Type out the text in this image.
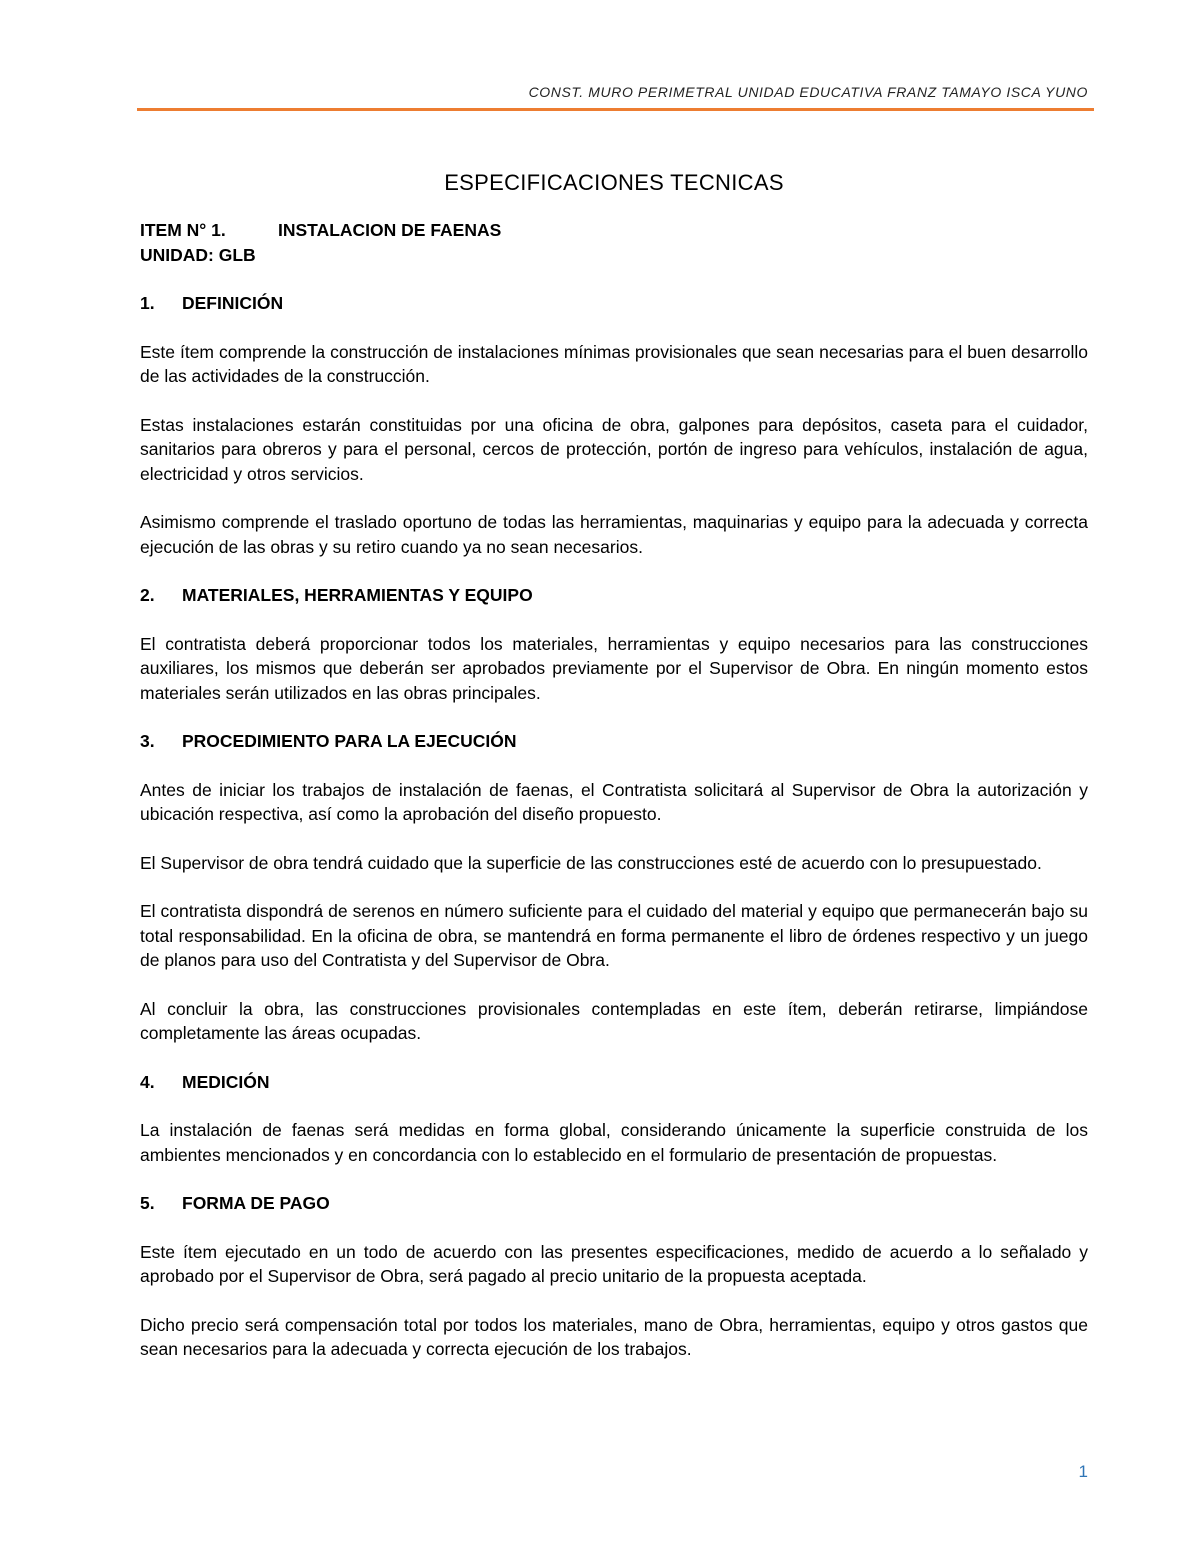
CONST. MURO PERIMETRAL UNIDAD EDUCATIVA FRANZ TAMAYO ISCA YUNO
ESPECIFICACIONES TECNICAS

ITEM N° 1.	INSTALACION DE FAENAS

UNIDAD: GLB

1. DEFINICIÓN

Este ítem comprende la construcción de instalaciones mínimas provisionales que sean necesarias para el buen desarrollo de las actividades de la construcción.

Estas instalaciones estarán constituidas por una oficina de obra, galpones para depósitos, caseta para el cuidador, sanitarios para obreros y para el personal, cercos de protección, portón de ingreso para vehículos, instalación de agua, electricidad y otros servicios.

Asimismo comprende el traslado oportuno de todas las herramientas, maquinarias y equipo para la adecuada y correcta ejecución de las obras y su retiro cuando ya no sean necesarios.

2. MATERIALES, HERRAMIENTAS Y EQUIPO

El contratista deberá proporcionar todos los materiales, herramientas y equipo necesarios para las construcciones auxiliares, los mismos que deberán ser aprobados previamente por el Supervisor de Obra. En ningún momento estos materiales serán utilizados en las obras principales.

3. PROCEDIMIENTO PARA LA EJECUCIÓN

Antes de iniciar los trabajos de instalación de faenas, el Contratista solicitará al Supervisor de Obra la autorización y ubicación respectiva, así como la aprobación del diseño propuesto.

El Supervisor de obra tendrá cuidado que la superficie de las construcciones esté de acuerdo con lo presupuestado.

El contratista dispondrá de serenos en número suficiente para el cuidado del material y equipo que permanecerán bajo su total responsabilidad. En la oficina de obra, se mantendrá en forma permanente el libro de órdenes respectivo y un juego de planos para uso del Contratista y del Supervisor de Obra.

Al concluir la obra, las construcciones provisionales contempladas en este ítem, deberán retirarse, limpiándose completamente las áreas ocupadas.

4. MEDICIÓN

La instalación de faenas será medidas en forma global, considerando únicamente la superficie construida de los ambientes mencionados y en concordancia con lo establecido en el formulario de presentación de propuestas.

5. FORMA DE PAGO

Este ítem ejecutado en un todo de acuerdo con las presentes especificaciones, medido de acuerdo a lo señalado y aprobado por el Supervisor de Obra, será pagado al precio unitario de la propuesta aceptada.

Dicho precio será compensación total por todos los materiales, mano de Obra, herramientas, equipo y otros gastos que sean necesarios para la adecuada y correcta ejecución de los trabajos.

1
